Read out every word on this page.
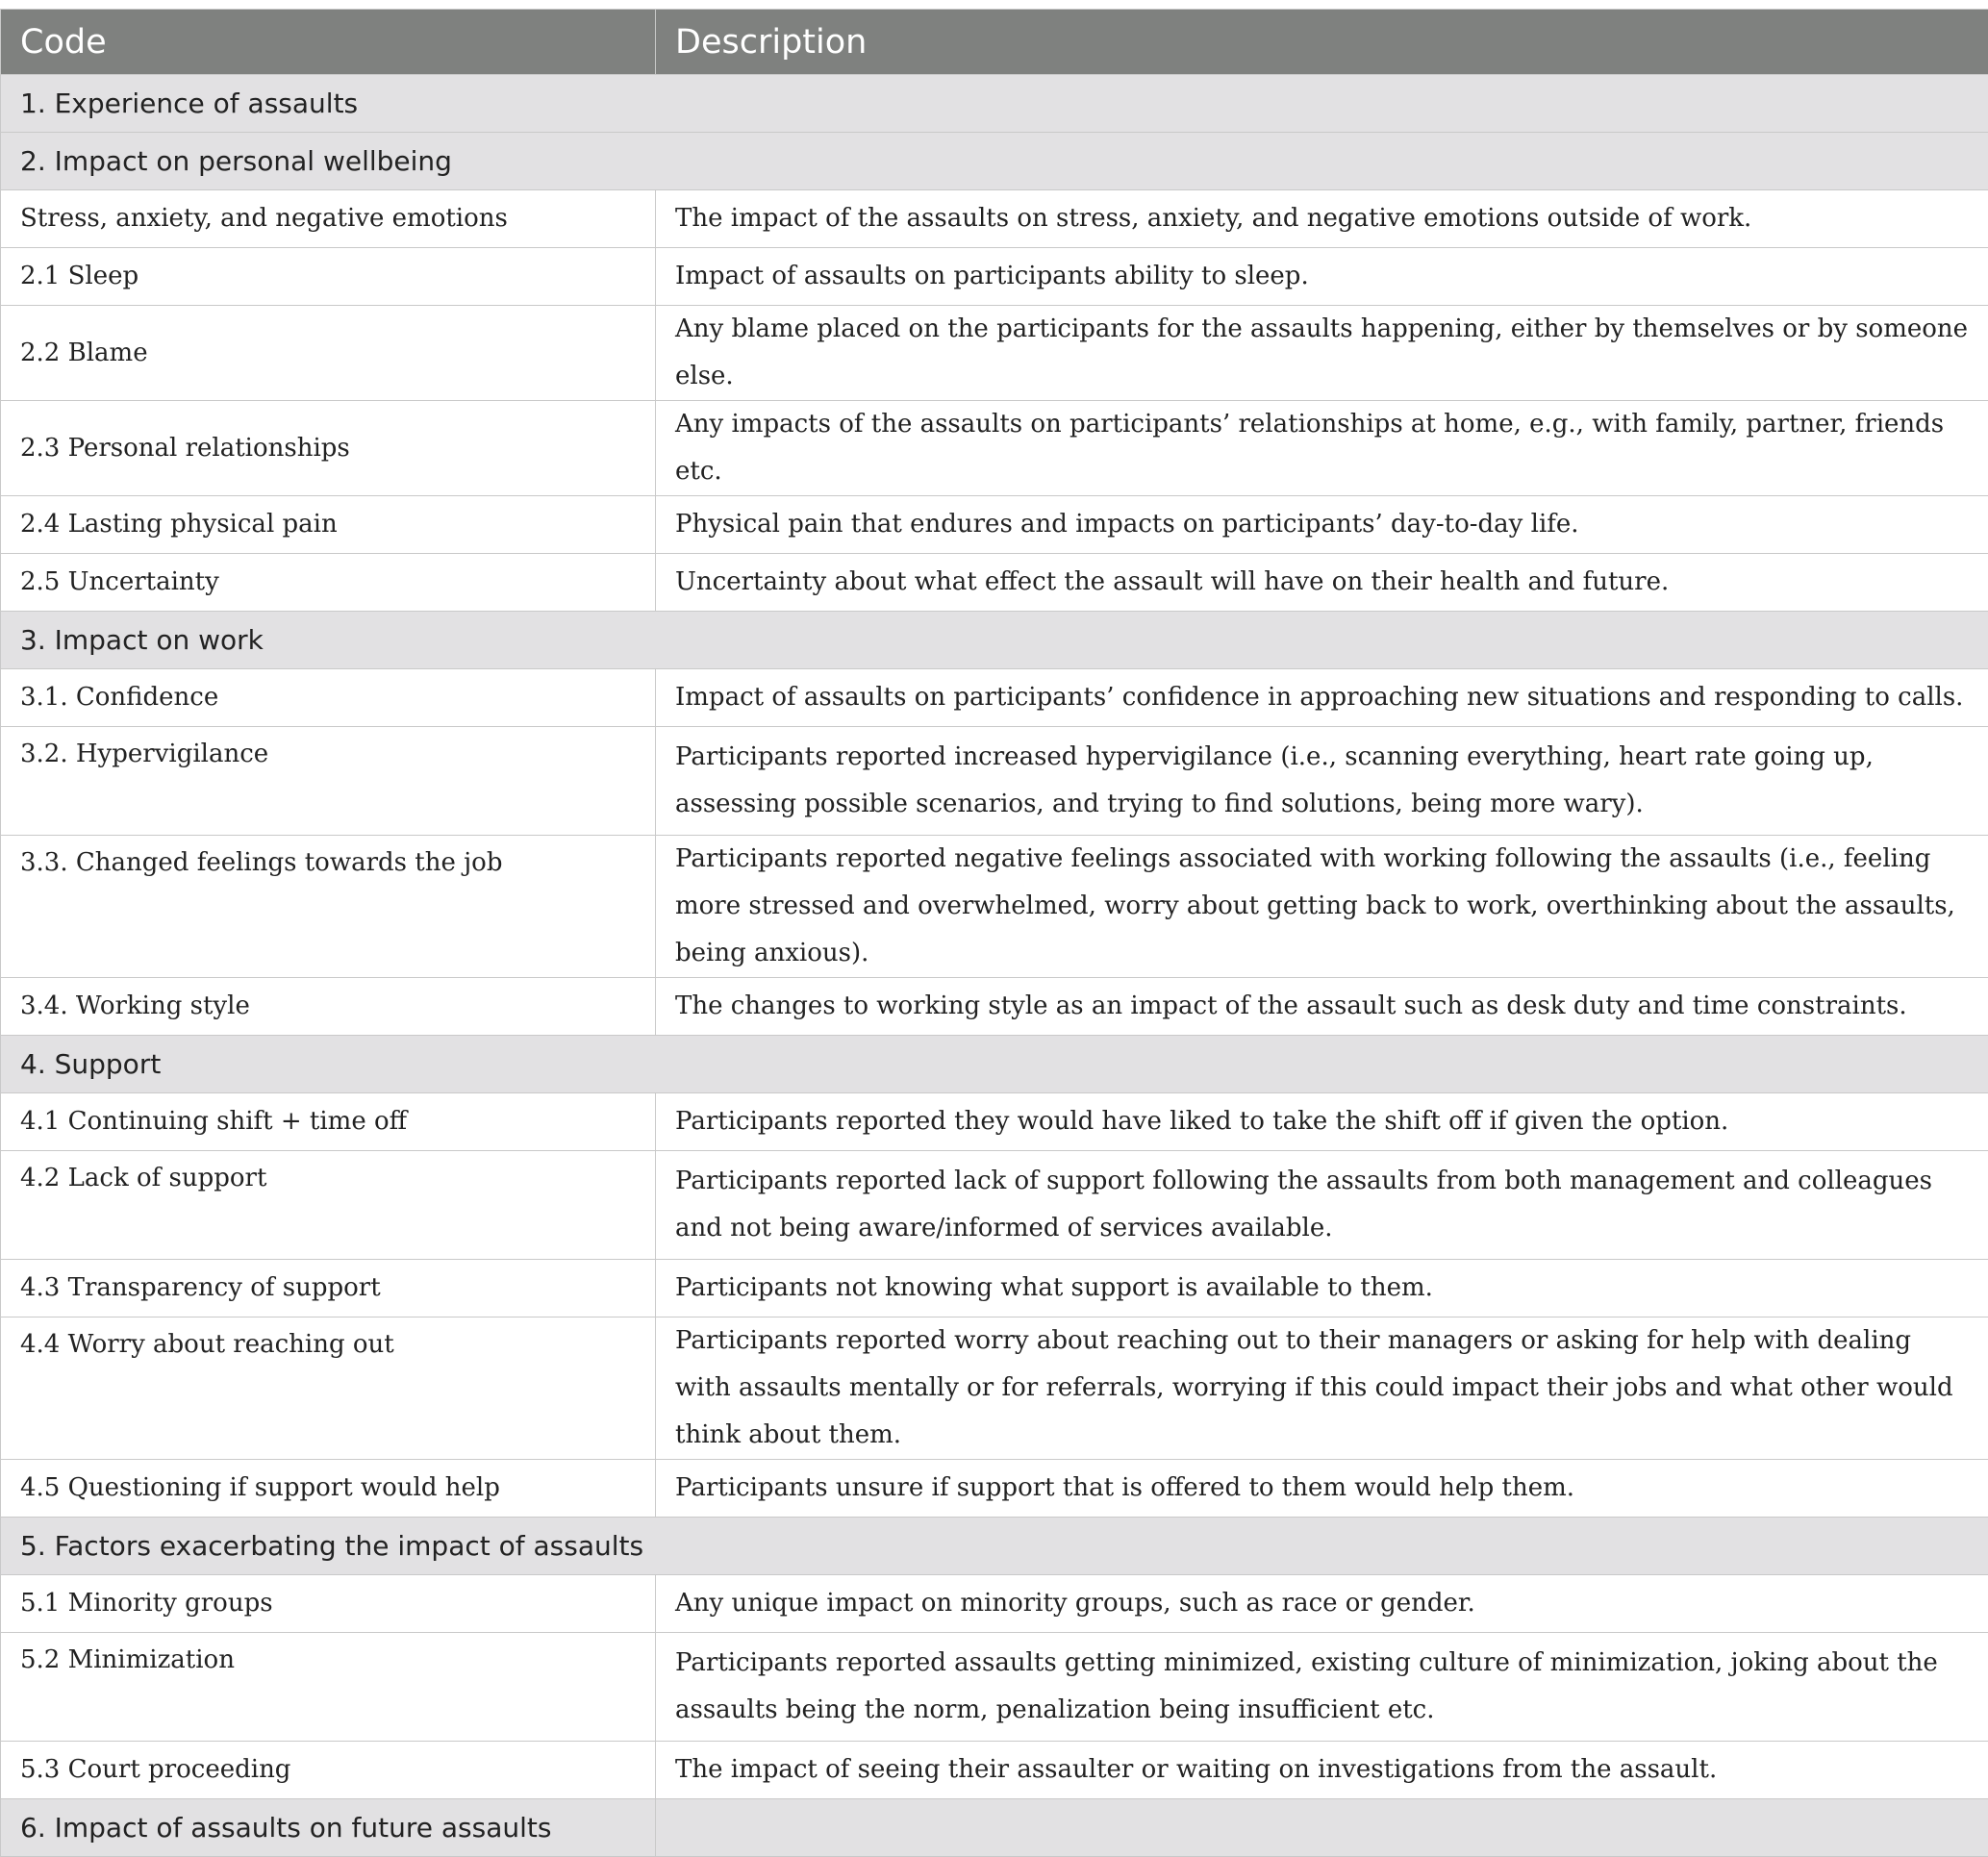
Code	Description
1. Experience of assaults	
2. Impact on personal wellbeing	
Stress, anxiety, and negative emotions	The impact of the assaults on stress, anxiety, and negative emotions outside of work.
2.1 Sleep	Impact of assaults on participants ability to sleep.
2.2 Blame	Any blame placed on the participants for the assaults happening, either by themselves or by someone else.
2.3 Personal relationships	Any impacts of the assaults on participants’ relationships at home, e.g., with family, partner, friends etc.
2.4 Lasting physical pain	Physical pain that endures and impacts on participants’ day-to-day life.
2.5 Uncertainty	Uncertainty about what effect the assault will have on their health and future.
3. Impact on work	
3.1. Confidence	Impact of assaults on participants’ confidence in approaching new situations and responding to calls.
3.2. Hypervigilance	Participants reported increased hypervigilance (i.e., scanning everything, heart rate going up, assessing possible scenarios, and trying to find solutions, being more wary).
3.3. Changed feelings towards the job	Participants reported negative feelings associated with working following the assaults (i.e., feeling more stressed and overwhelmed, worry about getting back to work, overthinking about the assaults, being anxious).
3.4. Working style	The changes to working style as an impact of the assault such as desk duty and time constraints.
4. Support	
4.1 Continuing shift + time off	Participants reported they would have liked to take the shift off if given the option.
4.2 Lack of support	Participants reported lack of support following the assaults from both management and colleagues and not being aware/informed of services available.
4.3 Transparency of support	Participants not knowing what support is available to them.
4.4 Worry about reaching out	Participants reported worry about reaching out to their managers or asking for help with dealing with assaults mentally or for referrals, worrying if this could impact their jobs and what other would think about them.
4.5 Questioning if support would help	Participants unsure if support that is offered to them would help them.
5. Factors exacerbating the impact of assaults	
5.1 Minority groups	Any unique impact on minority groups, such as race or gender.
5.2 Minimization	Participants reported assaults getting minimized, existing culture of minimization, joking about the assaults being the norm, penalization being insufficient etc.
5.3 Court proceeding	The impact of seeing their assaulter or waiting on investigations from the assault.
6. Impact of assaults on future assaults	
